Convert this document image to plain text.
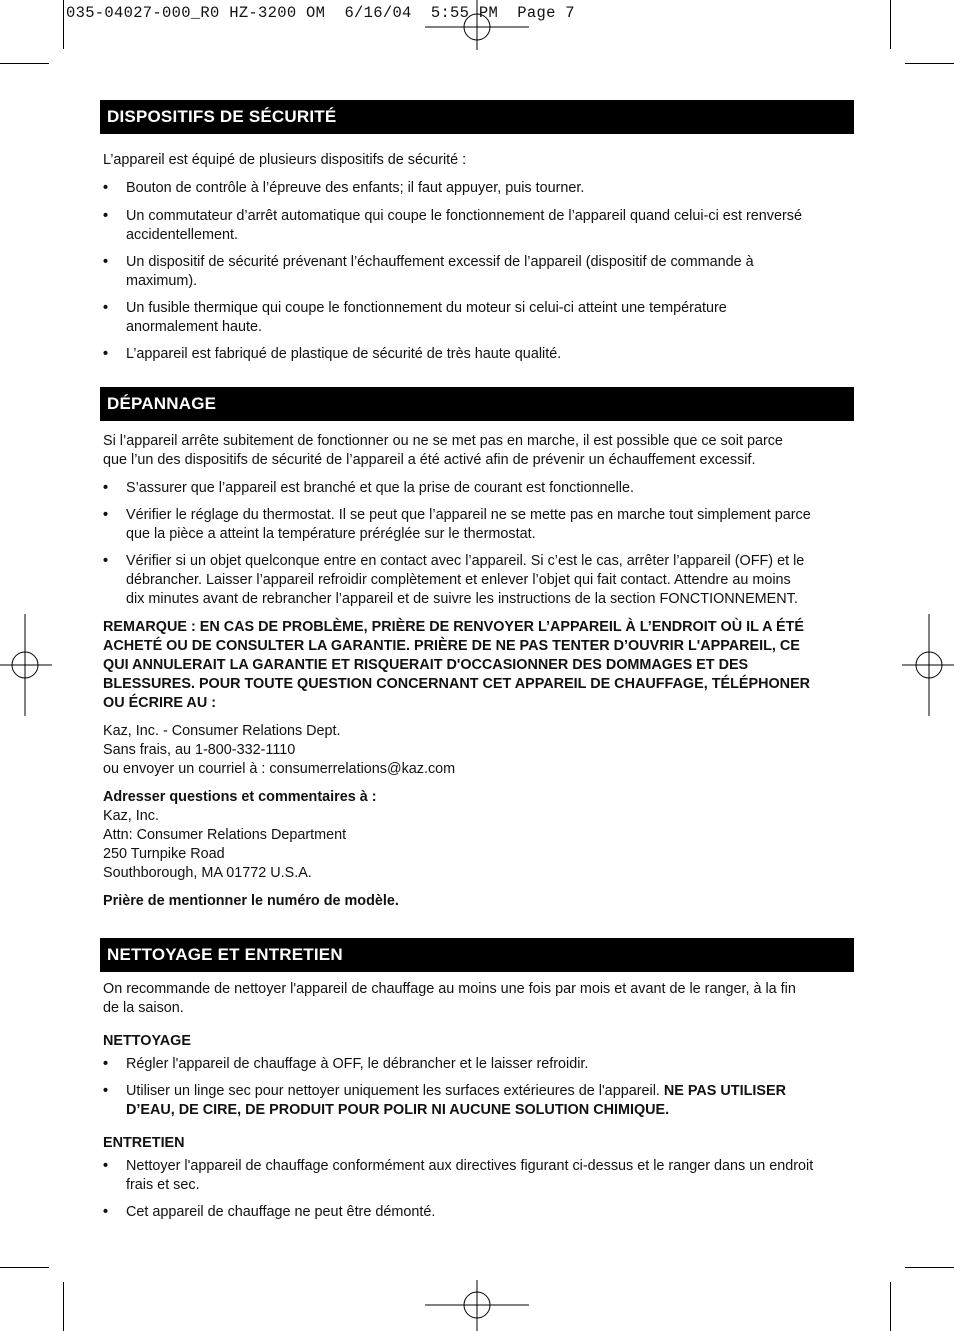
035-04027-000_R0 HZ-3200 OM  6/16/04  5:55 PM  Page 7
DISPOSITIFS DE SÉCURITÉ

L’appareil est équipé de plusieurs dispositifs de sécurité :

• Bouton de contrôle à l’épreuve des enfants; il faut appuyer, puis tourner.
• Un commutateur d’arrêt automatique qui coupe le fonctionnement de l’appareil quand celui-ci est renversé
accidentellement.
• Un dispositif de sécurité prévenant l’échauffement excessif de l’appareil (dispositif de commande à
maximum).
• Un fusible thermique qui coupe le fonctionnement du moteur si celui-ci atteint une température
anormalement haute.
• L’appareil est fabriqué de plastique de sécurité de très haute qualité.
DÉPANNAGE

Si l’appareil arrête subitement de fonctionner ou ne se met pas en marche, il est possible que ce soit parce
que l’un des dispositifs de sécurité de l’appareil a été activé afin de prévenir un échauffement excessif.

• S’assurer que l’appareil est branché et que la prise de courant est fonctionnelle.
• Vérifier le réglage du thermostat. Il se peut que l’appareil ne se mette pas en marche tout simplement parce
que la pièce a atteint la température préréglée sur le thermostat.
• Vérifier si un objet quelconque entre en contact avec l’appareil. Si c’est le cas, arrêter l’appareil (OFF) et le
débrancher. Laisser l’appareil refroidir complètement et enlever l’objet qui fait contact. Attendre au moins
dix minutes avant de rebrancher l’appareil et de suivre les instructions de la section FONCTIONNEMENT.

REMARQUE : EN CAS DE PROBLÈME, PRIÈRE DE RENVOYER L’APPAREIL À L’ENDROIT OÙ IL A ÉTÉ
ACHETÉ OU DE CONSULTER LA GARANTIE. PRIÈRE DE NE PAS TENTER D’OUVRIR L'APPAREIL, CE
QUI ANNULERAIT LA GARANTIE ET RISQUERAIT D'OCCASIONNER DES DOMMAGES ET DES
BLESSURES. POUR TOUTE QUESTION CONCERNANT CET APPAREIL DE CHAUFFAGE, TÉLÉPHONER
OU ÉCRIRE AU :

Kaz, Inc. - Consumer Relations Dept.
Sans frais, au 1-800-332-1110
ou envoyer un courriel à : consumerrelations@kaz.com

Adresser questions et commentaires à :
Kaz, Inc.
Attn: Consumer Relations Department
250 Turnpike Road
Southborough, MA 01772 U.S.A.

Prière de mentionner le numéro de modèle.

NETTOYAGE ET ENTRETIEN

On recommande de nettoyer l'appareil de chauffage au moins une fois par mois et avant de le ranger, à la fin
de la saison.

NETTOYAGE

• Régler l'appareil de chauffage à OFF, le débrancher et le laisser refroidir.
• Utiliser un linge sec pour nettoyer uniquement les surfaces extérieures de l'appareil. NE PAS UTILISER
D’EAU, DE CIRE, DE PRODUIT POUR POLIR NI AUCUNE SOLUTION CHIMIQUE.

ENTRETIEN

• Nettoyer l'appareil de chauffage conformément aux directives figurant ci-dessus et le ranger dans un endroit
frais et sec.
• Cet appareil de chauffage ne peut être démonté.
